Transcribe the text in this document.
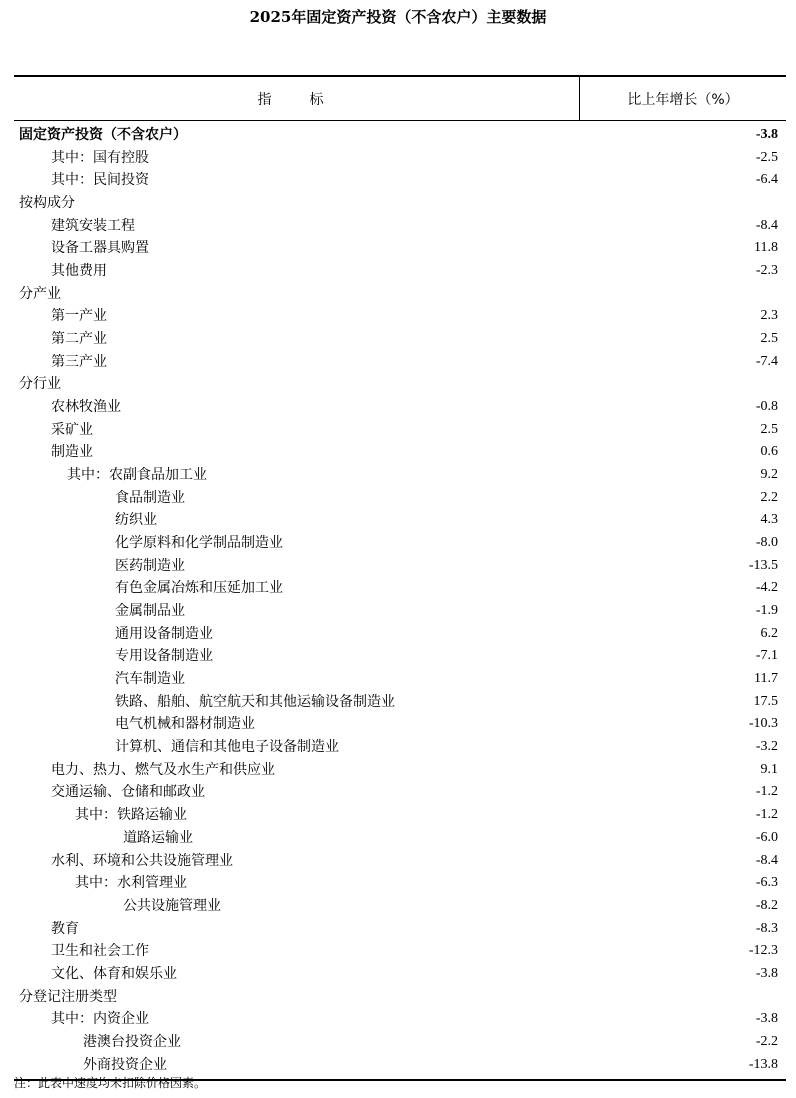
2025年固定资产投资（不含农户）主要数据
指　标	比上年增长（%）
固定资产投资（不含农户）	-3.8
其中：国有控股	-2.5
其中：民间投资	-6.4
按构成分
建筑安装工程	-8.4
设备工器具购置	11.8
其他费用	-2.3
分产业
第一产业	2.3
第二产业	2.5
第三产业	-7.4
分行业
农林牧渔业	-0.8
采矿业	2.5
制造业	0.6
其中：农副食品加工业	9.2
食品制造业	2.2
纺织业	4.3
化学原料和化学制品制造业	-8.0
医药制造业	-13.5
有色金属冶炼和压延加工业	-4.2
金属制品业	-1.9
通用设备制造业	6.2
专用设备制造业	-7.1
汽车制造业	11.7
铁路、船舶、航空航天和其他运输设备制造业	17.5
电气机械和器材制造业	-10.3
计算机、通信和其他电子设备制造业	-3.2
电力、热力、燃气及水生产和供应业	9.1
交通运输、仓储和邮政业	-1.2
其中：铁路运输业	-1.2
道路运输业	-6.0
水利、环境和公共设施管理业	-8.4
其中：水利管理业	-6.3
公共设施管理业	-8.2
教育	-8.3
卫生和社会工作	-12.3
文化、体育和娱乐业	-3.8
分登记注册类型
其中：内资企业	-3.8
港澳台投资企业	-2.2
外商投资企业	-13.8
注：此表中速度均未扣除价格因素。
